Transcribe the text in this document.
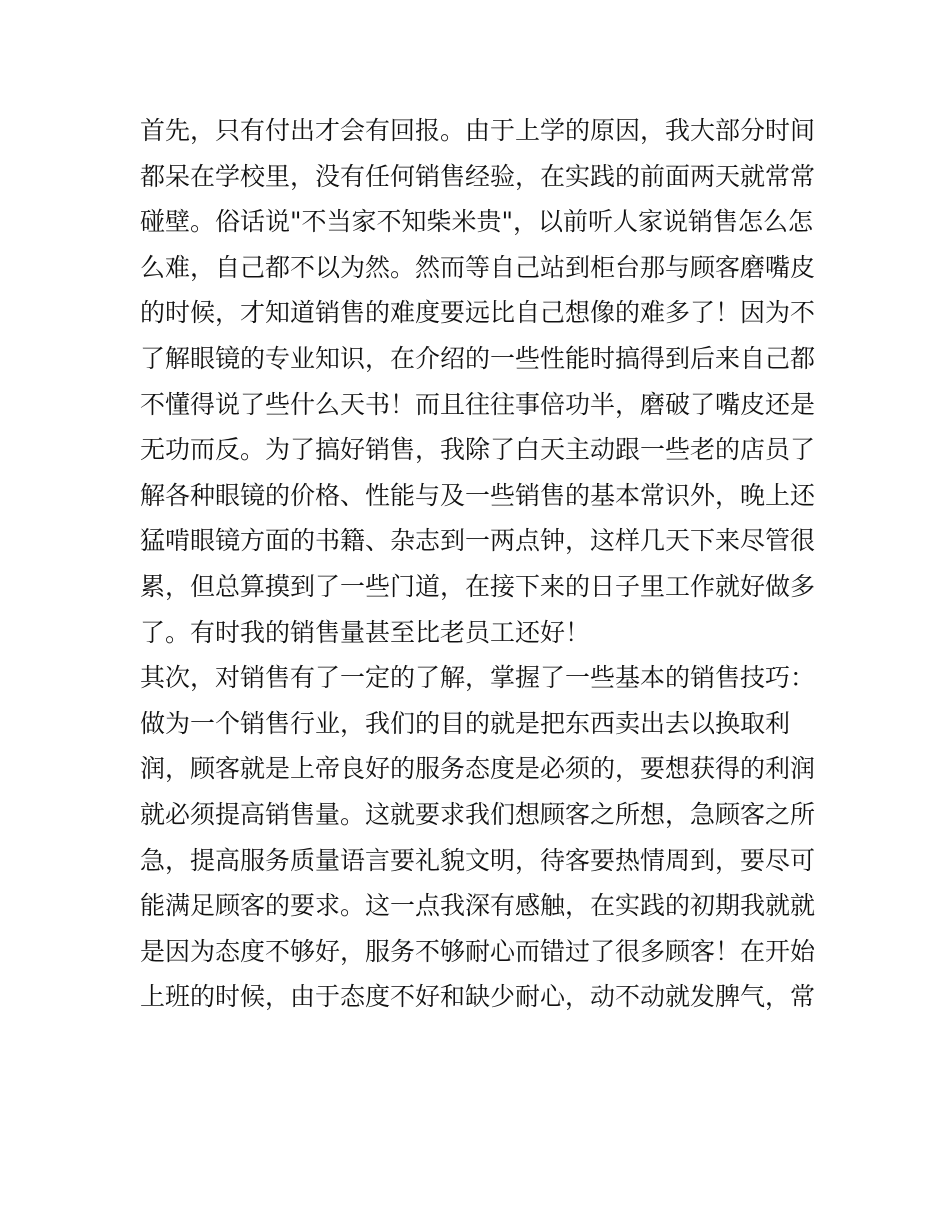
首先，只有付出才会有回报。由于上学的原因，我大部分时间

都呆在学校里，没有任何销售经验，在实践的前面两天就常常

碰壁。俗话说"不当家不知柴米贵"，以前听人家说销售怎么怎

么难，自己都不以为然。然而等自己站到柜台那与顾客磨嘴皮

的时候，才知道销售的难度要远比自己想像的难多了！因为不

了解眼镜的专业知识，在介绍的一些性能时搞得到后来自己都

不懂得说了些什么天书！而且往往事倍功半，磨破了嘴皮还是

无功而反。为了搞好销售，我除了白天主动跟一些老的店员了

解各种眼镜的价格、性能与及一些销售的基本常识外，晚上还

猛啃眼镜方面的书籍、杂志到一两点钟，这样几天下来尽管很

累，但总算摸到了一些门道，在接下来的日子里工作就好做多

了。有时我的销售量甚至比老员工还好！

其次，对销售有了一定的了解，掌握了一些基本的销售技巧：

做为一个销售行业，我们的目的就是把东西卖出去以换取利

润，顾客就是上帝良好的服务态度是必须的，要想获得的利润

就必须提高销售量。这就要求我们想顾客之所想，急顾客之所

急，提高服务质量语言要礼貌文明，待客要热情周到，要尽可

能满足顾客的要求。这一点我深有感触，在实践的初期我就就

是因为态度不够好，服务不够耐心而错过了很多顾客！在开始

上班的时候，由于态度不好和缺少耐心，动不动就发脾气，常
